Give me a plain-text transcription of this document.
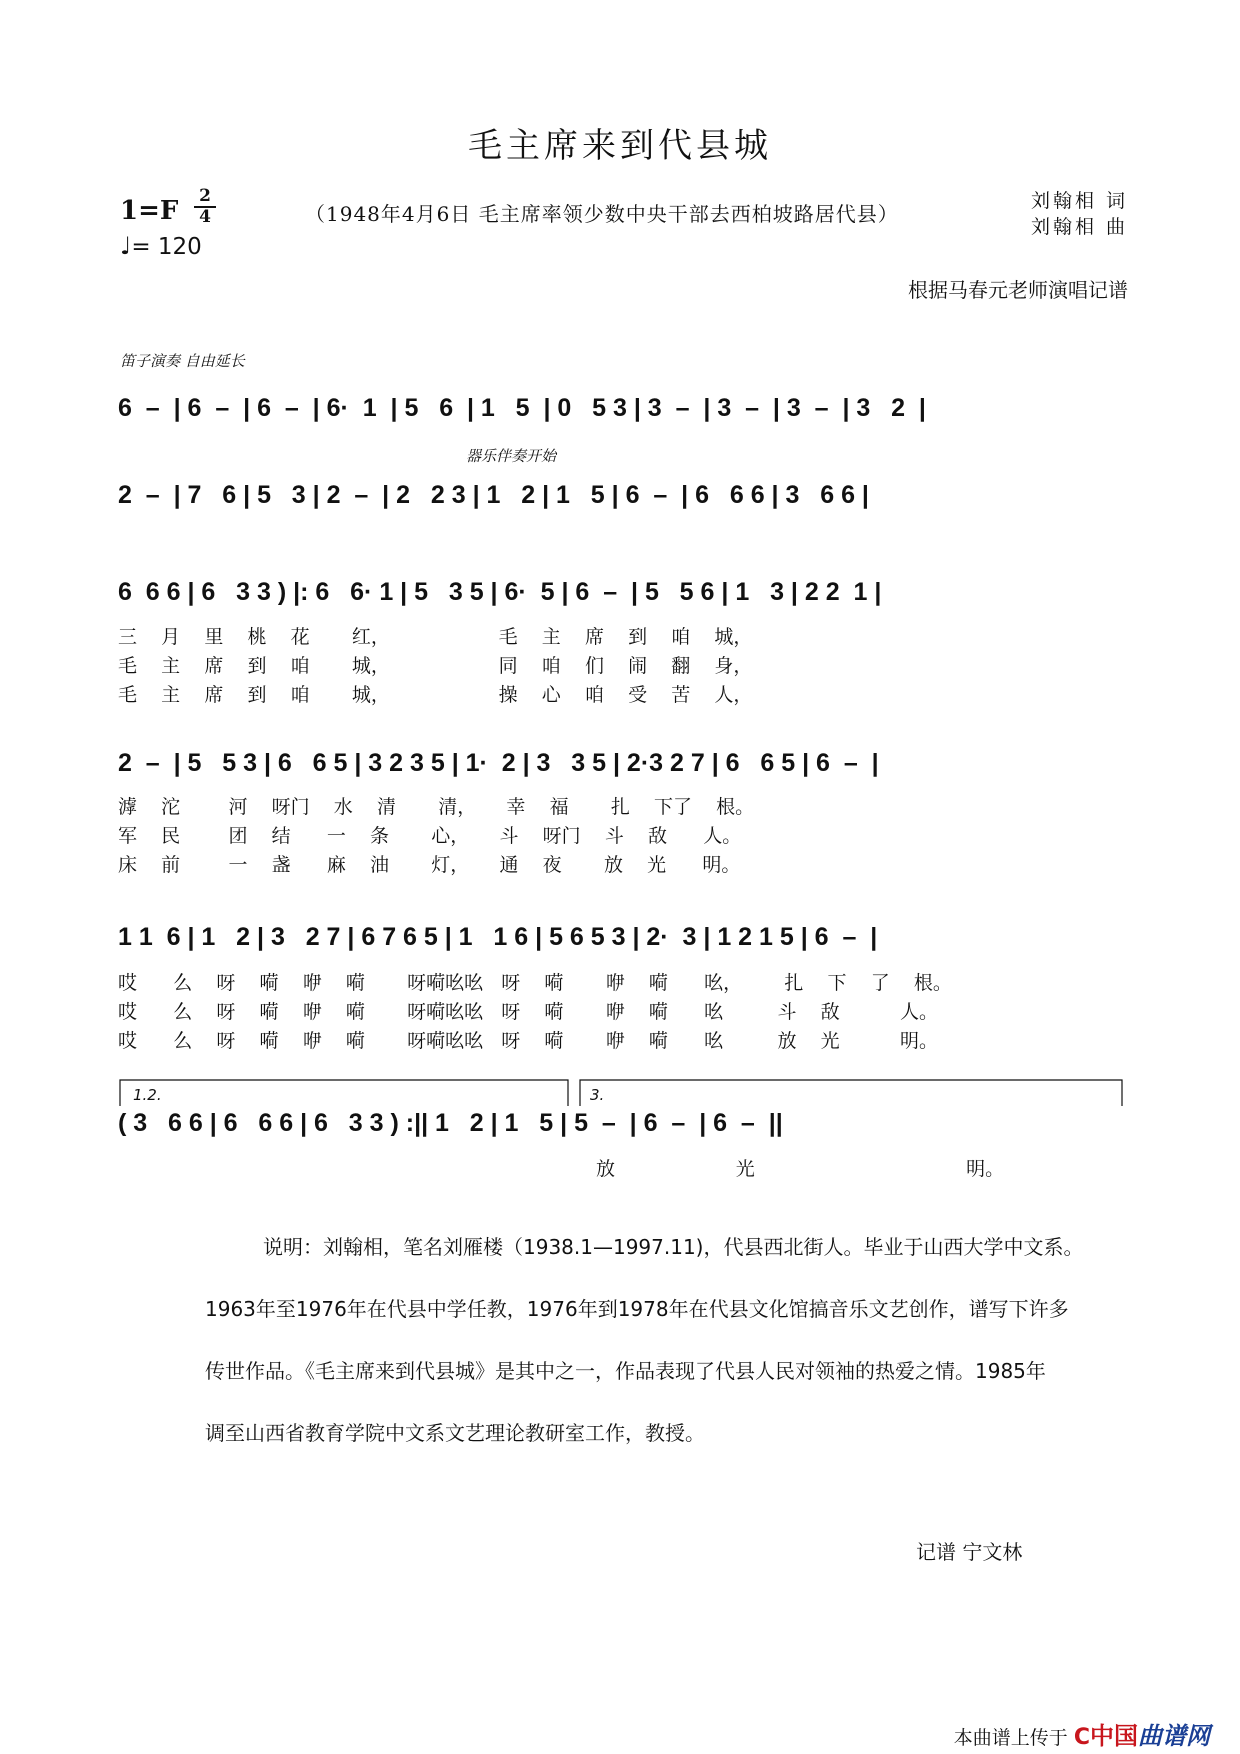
毛主席来到代县城
1=F 2
4
♩= 120
（1948年4月6日 毛主席率领少数中央干部去西柏坡路居代县）
刘翰相 词
刘翰相 曲
根据马春元老师演唱记谱
笛子演奏 自由延长
器乐伴奏开始
6  –  | 6  –  | 6  –  | 6·  1  | 5   6  | 1   5  | 0   5 3 | 3  –  | 3  –  | 3  –  | 3   2  |
2  –  | 7   6 | 5   3 | 2  –  | 2   2 3 | 1   2 | 1   5 | 6  –  | 6   6 6 | 3   6 6 |
6  6 6 | 6   3 3 ) |: 6   6· 1 | 5   3 5 | 6·  5 | 6  –  | 5   5 6 | 1   3 | 2 2  1 |
三    月    里    桃    花       红，                  毛    主    席    到    咱    城，
毛    主    席    到    咱       城，                  同    咱    们    闹    翻    身，
毛    主    席    到    咱       城，                  操    心    咱    受    苦    人，
2  –  | 5   5 3 | 6   6 5 | 3 2 3 5 | 1·  2 | 3   3 5 | 2·3 2 7 | 6   6 5 | 6  –  |
滹    沱        河    呀门    水    清       清，     幸    福       扎    下了    根。
军    民        团    结      一    条       心，     斗    呀门    斗    敌      人。
床    前        一    盏      麻    油       灯，     通    夜       放    光      明。
1 1  6 | 1   2 | 3   2 7 | 6 7 6 5 | 1   1 6 | 5 6 5 3 | 2·  3 | 1 2 1 5 | 6  –  |
哎      么    呀    嗬    咿    嗬       呀嗬吆吆   呀    嗬       咿    嗬      吆，       扎    下    了    根。
哎      么    呀    嗬    咿    嗬       呀嗬吆吆   呀    嗬       咿    嗬      吆         斗    敌          人。
哎      么    呀    嗬    咿    嗬       呀嗬吆吆   呀    嗬       咿    嗬      吆         放    光          明。
1.2.	3.
( 3   6 6 | 6   6 6 | 6   3 3 ) :|| 1   2 | 1   5 | 5  –  | 6  –  | 6  –  ||
放                    光                                   明。

说明：刘翰相，笔名刘雁楼（1938.1—1997.11)，代县西北街人。毕业于山西大学中文系。

1963年至1976年在代县中学任教，1976年到1978年在代县文化馆搞音乐文艺创作，谱写下许多

传世作品。《毛主席来到代县城》是其中之一，作品表现了代县人民对领袖的热爱之情。1985年

调至山西省教育学院中文系文艺理论教研室工作，教授。

记谱 宁文林
本曲谱上传于 C中国曲谱网
